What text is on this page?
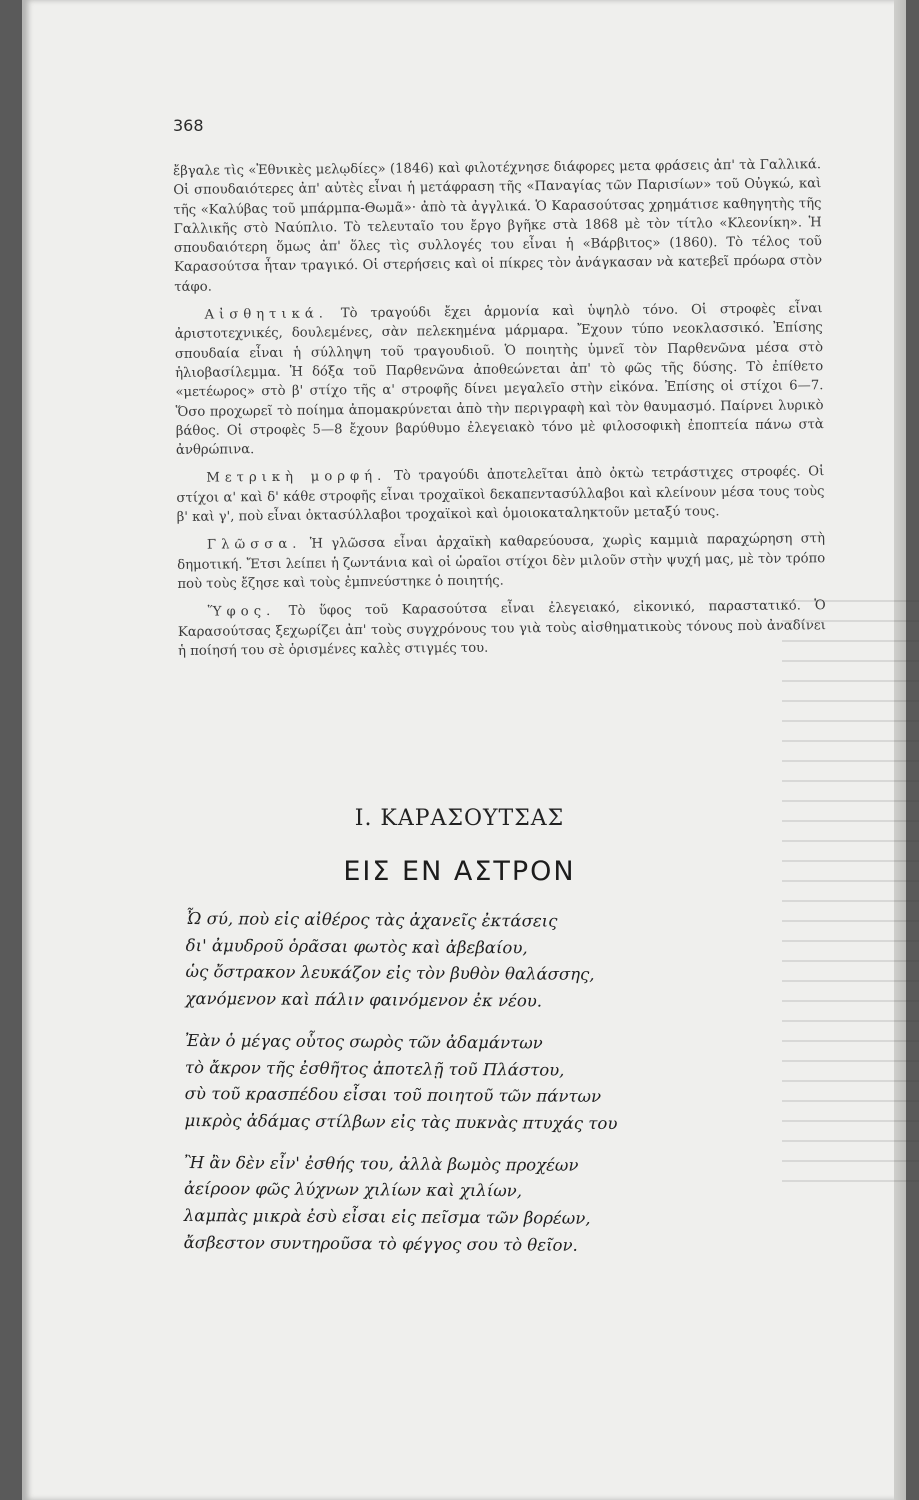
368

ἔβγαλε τὶς «Ἐθνικὲς μελῳδίες» (1846) καὶ φιλοτέχνησε διάφορες μετα φράσεις ἀπ' τὰ Γαλλικά. Οἱ σπουδαιότερες ἀπ' αὐτὲς εἶναι ἡ μετάφραση τῆς «Παναγίας τῶν Παρισίων» τοῦ Οὐγκώ, καὶ τῆς «Καλύβας τοῦ μπάρμπα-Θωμᾶ»· ἀπὸ τὰ ἀγγλικά. Ὁ Καρασούτσας χρημάτισε καθηγητὴς τῆς Γαλλικῆς στὸ Ναύπλιο. Τὸ τελευταῖο του ἔργο βγῆκε στὰ 1868 μὲ τὸν τίτλο «Κλεονίκη». Ἡ σπουδαιότερη ὅμως ἀπ' ὅλες τὶς συλλογές του εἶναι ἡ «Βάρβιτος» (1860). Τὸ τέλος τοῦ Καρασούτσα ἦταν τραγικό. Οἱ στερήσεις καὶ οἱ πίκρες τὸν ἀνάγκασαν νὰ κατεβεῖ πρόωρα στὸν τάφο.

Αἰσθητικά. Τὸ τραγούδι ἔχει ἁρμονία καὶ ὑψηλὸ τόνο. Οἱ στροφὲς εἶναι ἀριστοτεχνικές, δουλεμένες, σὰν πελεκημένα μάρμαρα. Ἔχουν τύπο νεοκλασσικό. Ἐπίσης σπουδαία εἶναι ἡ σύλληψη τοῦ τραγουδιοῦ. Ὁ ποιητὴς ὑμνεῖ τὸν Παρθενῶνα μέσα στὸ ἡλιοβασίλεμμα. Ἡ δόξα τοῦ Παρθενῶνα ἀποθεώνεται ἀπ' τὸ φῶς τῆς δύσης. Τὸ ἐπίθετο «μετέωρος» στὸ β' στίχο τῆς α' στροφῆς δίνει μεγαλεῖο στὴν εἰκόνα. Ἐπίσης οἱ στίχοι 6—7. Ὅσο προχωρεῖ τὸ ποίημα ἀπομακρύνεται ἀπὸ τὴν περιγραφὴ καὶ τὸν θαυμασμό. Παίρνει λυρικὸ βάθος. Οἱ στροφὲς 5—8 ἔχουν βαρύθυμο ἐλεγειακὸ τόνο μὲ φιλοσοφικὴ ἐποπτεία πάνω στὰ ἀνθρώπινα.

Μετρικὴ μορφή. Τὸ τραγούδι ἀποτελεῖται ἀπὸ ὀκτὼ τετράστιχες στροφές. Οἱ στίχοι α' καὶ δ' κάθε στροφῆς εἶναι τροχαϊκοὶ δεκαπεντασύλλαβοι καὶ κλείνουν μέσα τους τοὺς β' καὶ γ', ποὺ εἶναι ὀκτασύλλαβοι τροχαϊκοὶ καὶ ὁμοιοκαταληκτοῦν μεταξύ τους.

Γλῶσσα. Ἡ γλῶσσα εἶναι ἀρχαϊκὴ καθαρεύουσα, χωρὶς καμμιὰ παραχώρηση στὴ δημοτική. Ἔτσι λείπει ἡ ζωντάνια καὶ οἱ ὡραῖοι στίχοι δὲν μιλοῦν στὴν ψυχή μας, μὲ τὸν τρόπο ποὺ τοὺς ἔζησε καὶ τοὺς ἐμπνεύστηκε ὁ ποιητής.

Ὕφος. Τὸ ὕφος τοῦ Καρασούτσα εἶναι ἐλεγειακό, εἰκονικό, παραστατικό. Ὁ Καρασούτσας ξεχωρίζει ἀπ' τοὺς συγχρόνους του γιὰ τοὺς αἰσθηματικοὺς τόνους ποὺ ἀναδίνει ἡ ποίησή του σὲ ὁρισμένες καλὲς στιγμές του.

Ι. ΚΑΡΑΣΟΥΤΣΑΣ
ΕΙΣ ΕΝ ΑΣΤΡΟΝ
Ὦ σύ, ποὺ εἰς αἰθέρος τὰς ἀχανεῖς ἐκτάσεις
δι' ἀμυδροῦ ὁρᾶσαι φωτὸς καὶ ἀβεβαίου,
ὡς ὄστρακον λευκάζον εἰς τὸν βυθὸν θαλάσσης,
χανόμενον καὶ πάλιν φαινόμενον ἐκ νέου.
Ἐὰν ὁ μέγας οὗτος σωρὸς τῶν ἀδαμάντων
τὸ ἄκρον τῆς ἐσθῆτος ἀποτελῇ τοῦ Πλάστου,
σὺ τοῦ κρασπέδου εἶσαι τοῦ ποιητοῦ τῶν πάντων
μικρὸς ἀδάμας στίλβων εἰς τὰς πυκνὰς πτυχάς του
Ἢ ἂν δὲν εἶν' ἐσθής του, ἀλλὰ βωμὸς προχέων
ἀείροον φῶς λύχνων χιλίων καὶ χιλίων,
λαμπὰς μικρὰ ἐσὺ εἶσαι εἰς πεῖσμα τῶν βορέων,
ἄσβεστον συντηροῦσα τὸ φέγγος σου τὸ θεῖον.
